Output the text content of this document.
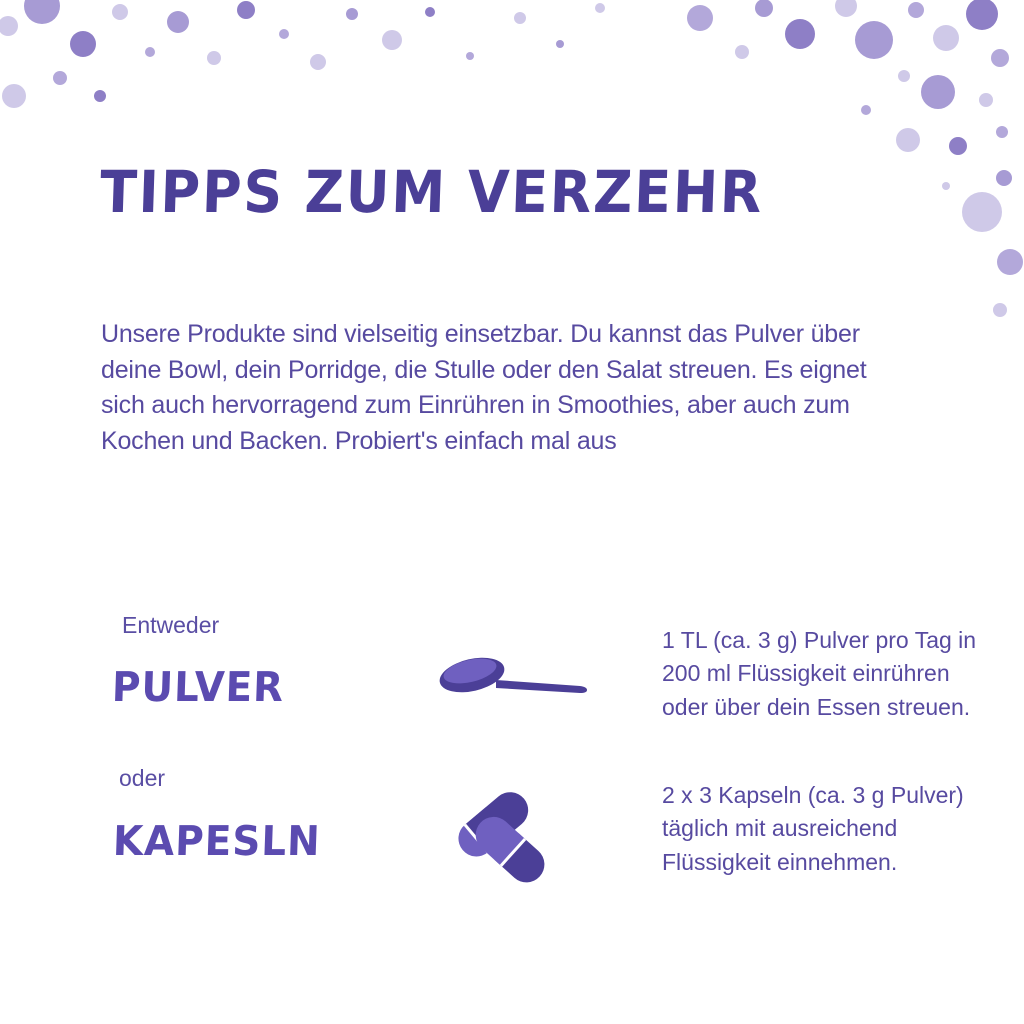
TIPPS ZUM VERZEHR

Unsere Produkte sind vielseitig einsetzbar. Du kannst das Pulver über deine Bowl, dein Porridge, die Stulle oder den Salat streuen. Es eignet sich auch hervorragend zum Einrühren in Smoothies, aber auch zum Kochen und Backen. Probiert's einfach mal aus

Entweder
PULVER
1 TL (ca. 3 g) Pulver pro Tag in 200 ml Flüssigkeit einrühren oder über dein Essen streuen.
oder
KAPESLN
2 x 3 Kapseln (ca. 3 g Pulver) täglich mit ausreichend Flüssigkeit einnehmen.
